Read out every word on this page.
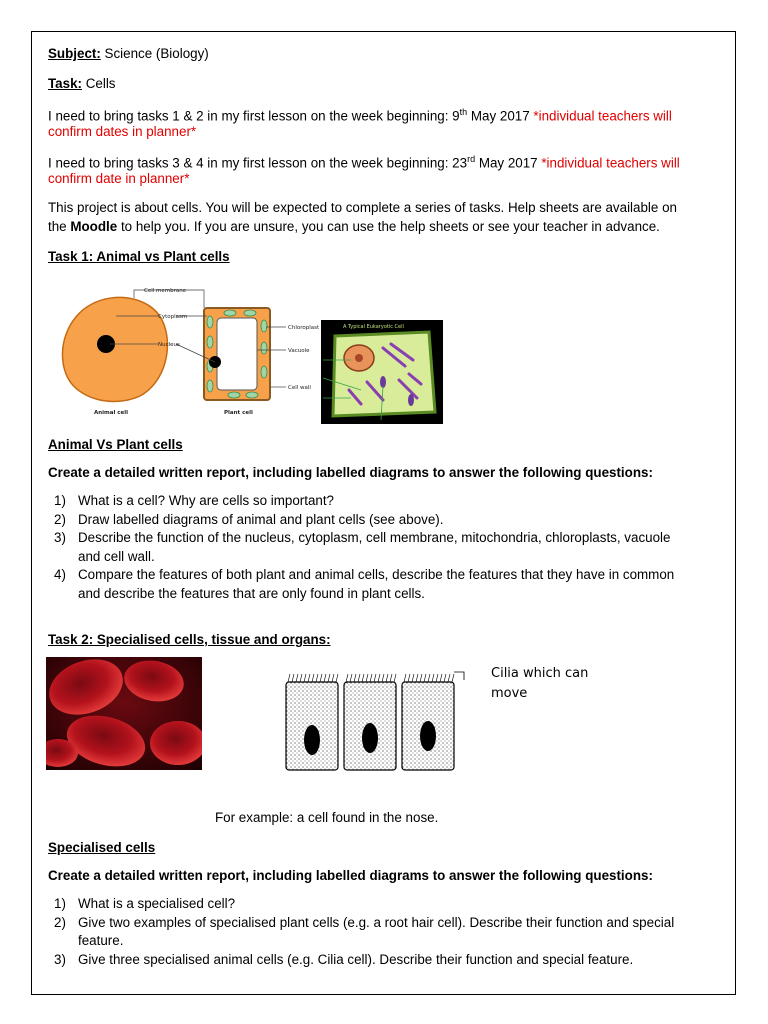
Subject: Science (Biology)
Task: Cells
I need to bring tasks 1 & 2 in my first lesson on the week beginning: 9th May 2017 *individual teachers will
confirm dates in planner*
I need to bring tasks 3 & 4 in my first lesson on the week beginning: 23rd May 2017 *individual teachers will
confirm date in planner*
This project is about cells. You will be expected to complete a series of tasks. Help sheets are available on
the Moodle to help you. If you are unsure, you can use the help sheets or see your teacher in advance.
Task 1: Animal vs Plant cells
Cell membrane
Cytoplasm
Nucleus
Chloroplast
Vacuole
Cell wall
Animal cell	Plant cell
A Typical Eukaryotic Cell
Animal Vs Plant cells
Create a detailed written report, including labelled diagrams to answer the following questions:
1) What is a cell? Why are cells so important?
2) Draw labelled diagrams of animal and plant cells (see above).
3) Describe the function of the nucleus, cytoplasm, cell membrane, mitochondria, chloroplasts, vacuole and cell wall.
4) Compare the features of both plant and animal cells, describe the features that they have in common and describe the features that are only found in plant cells.
Task 2: Specialised cells, tissue and organs:
Cilia which can
move
For example: a cell found in the nose.
Specialised cells
Create a detailed written report, including labelled diagrams to answer the following questions:
1) What is a specialised cell?
2) Give two examples of specialised plant cells (e.g. a root hair cell). Describe their function and special feature.
3) Give three specialised animal cells (e.g. Cilia cell). Describe their function and special feature.
